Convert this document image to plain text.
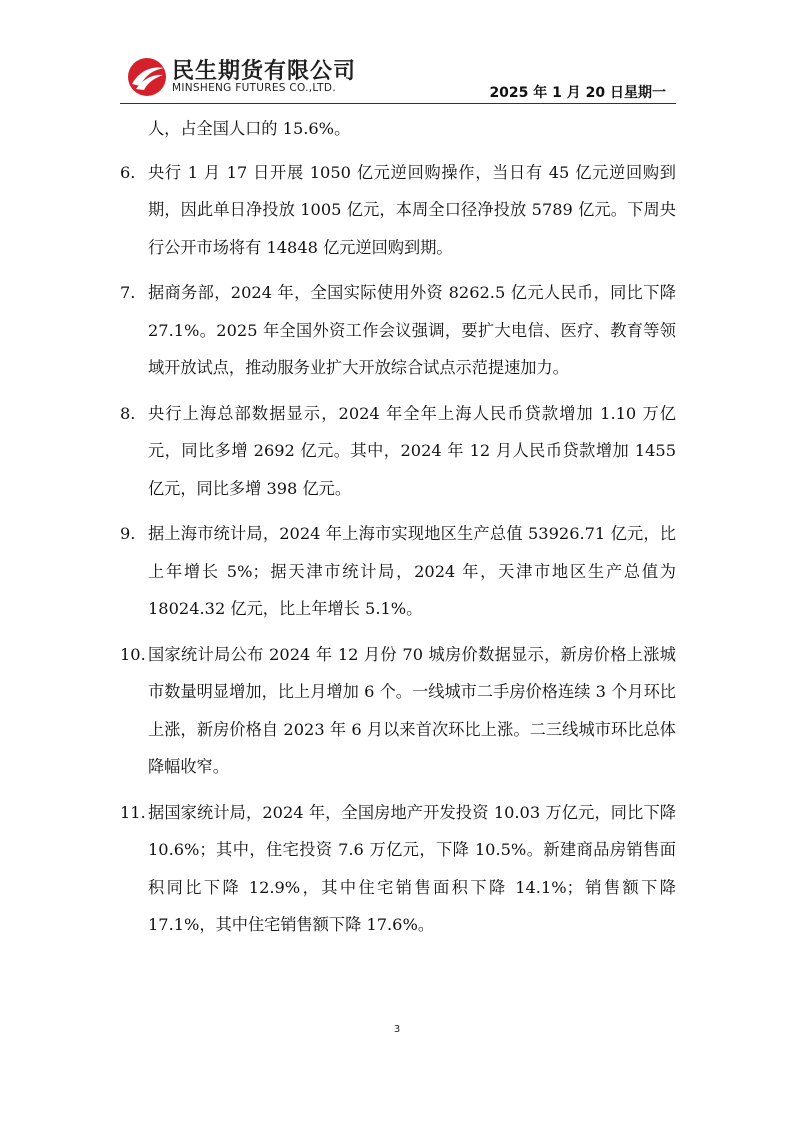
民生期货有限公司
MINSHENG FUTURES CO.,LTD.	2025 年 1 月 20 日星期一

人，占全国人口的 15.6%。

6. 央行 1 月 17 日开展 1050 亿元逆回购操作，当日有 45 亿元逆回购到期，因此单日净投放 1005 亿元，本周全口径净投放 5789 亿元。下周央行公开市场将有 14848 亿元逆回购到期。

7. 据商务部，2024 年，全国实际使用外资 8262.5 亿元人民币，同比下降 27.1%。2025 年全国外资工作会议强调，要扩大电信、医疗、教育等领域开放试点，推动服务业扩大开放综合试点示范提速加力。

8. 央行上海总部数据显示，2024 年全年上海人民币贷款增加 1.10 万亿元，同比多增 2692 亿元。其中，2024 年 12 月人民币贷款增加 1455 亿元，同比多增 398 亿元。

9. 据上海市统计局，2024 年上海市实现地区生产总值 53926.71 亿元，比上年增长 5%；据天津市统计局，2024 年，天津市地区生产总值为 18024.32 亿元，比上年增长 5.1%。

10. 国家统计局公布 2024 年 12 月份 70 城房价数据显示，新房价格上涨城市数量明显增加，比上月增加 6 个。一线城市二手房价格连续 3 个月环比上涨，新房价格自 2023 年 6 月以来首次环比上涨。二三线城市环比总体降幅收窄。

11. 据国家统计局，2024 年，全国房地产开发投资 10.03 万亿元，同比下降 10.6%；其中，住宅投资 7.6 万亿元，下降 10.5%。新建商品房销售面积同比下降 12.9%，其中住宅销售面积下降 14.1%；销售额下降 17.1%，其中住宅销售额下降 17.6%。

3
